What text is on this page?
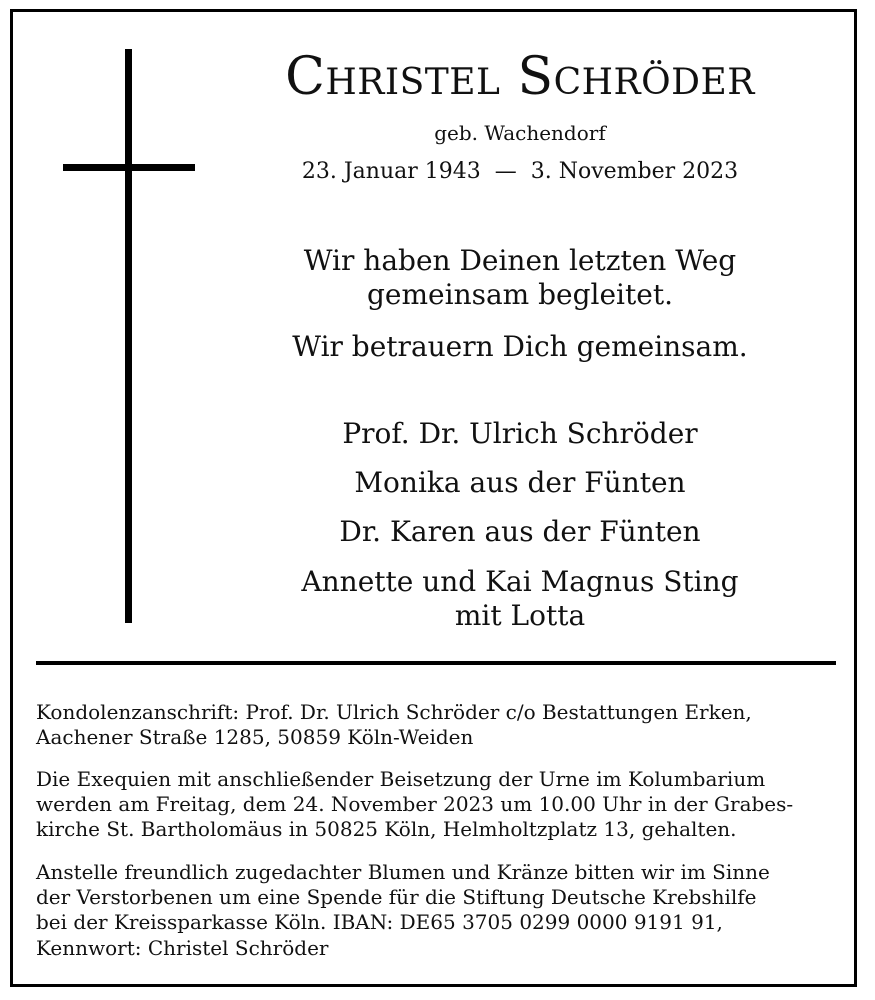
Christel Schröder
geb. Wachendorf
23. Januar 1943 — 3. November 2023
Wir haben Deinen letzten Weg
gemeinsam begleitet.
Wir betrauern Dich gemeinsam.
Prof. Dr. Ulrich Schröder
Monika aus der Fünten
Dr. Karen aus der Fünten
Annette und Kai Magnus Sting
mit Lotta
Kondolenzanschrift: Prof. Dr. Ulrich Schröder c/o Bestattungen Erken,
Aachener Straße 1285, 50859 Köln-Weiden
Die Exequien mit anschließender Beisetzung der Urne im Kolumbarium
werden am Freitag, dem 24. November 2023 um 10.00 Uhr in der Grabes-
kirche St. Bartholomäus in 50825 Köln, Helmholtzplatz 13, gehalten.
Anstelle freundlich zugedachter Blumen und Kränze bitten wir im Sinne
der Verstorbenen um eine Spende für die Stiftung Deutsche Krebshilfe
bei der Kreissparkasse Köln. IBAN: DE65 3705 0299 0000 9191 91,
Kennwort: Christel Schröder
